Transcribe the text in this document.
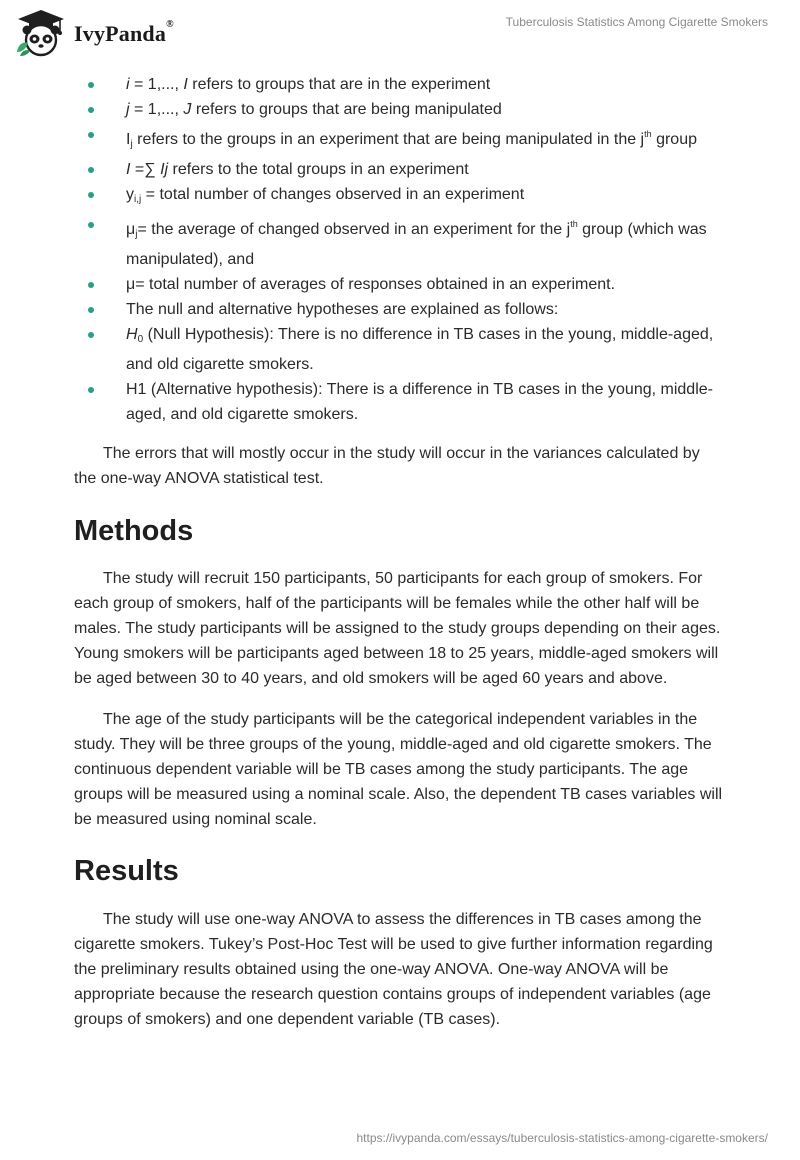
IvyPanda®	Tuberculosis Statistics Among Cigarette Smokers
i = 1,..., I refers to groups that are in the experiment
j = 1,..., J refers to groups that are being manipulated
Ij refers to the groups in an experiment that are being manipulated in the $j^{th}$ group
I =∑ Ij refers to the total groups in an experiment
yi,j = total number of changes observed in an experiment
μj= the average of changed observed in an experiment for the $j^{th}$ group (which was manipulated), and
μ= total number of averages of responses obtained in an experiment.
The null and alternative hypotheses are explained as follows:
H0 (Null Hypothesis): There is no difference in TB cases in the young, middle-aged, and old cigarette smokers.
H1 (Alternative hypothesis): There is a difference in TB cases in the young, middle-aged, and old cigarette smokers.

The errors that will mostly occur in the study will occur in the variances calculated by the one-way ANOVA statistical test.

Methods

The study will recruit 150 participants, 50 participants for each group of smokers. For each group of smokers, half of the participants will be females while the other half will be males. The study participants will be assigned to the study groups depending on their ages. Young smokers will be participants aged between 18 to 25 years, middle-aged smokers will be aged between 30 to 40 years, and old smokers will be aged 60 years and above.

The age of the study participants will be the categorical independent variables in the study. They will be three groups of the young, middle-aged and old cigarette smokers. The continuous dependent variable will be TB cases among the study participants. The age groups will be measured using a nominal scale. Also, the dependent TB cases variables will be measured using nominal scale.

Results

The study will use one-way ANOVA to assess the differences in TB cases among the cigarette smokers. Tukey’s Post-Hoc Test will be used to give further information regarding the preliminary results obtained using the one-way ANOVA. One-way ANOVA will be appropriate because the research question contains groups of independent variables (age groups of smokers) and one dependent variable (TB cases).

https://ivypanda.com/essays/tuberculosis-statistics-among-cigarette-smokers/
